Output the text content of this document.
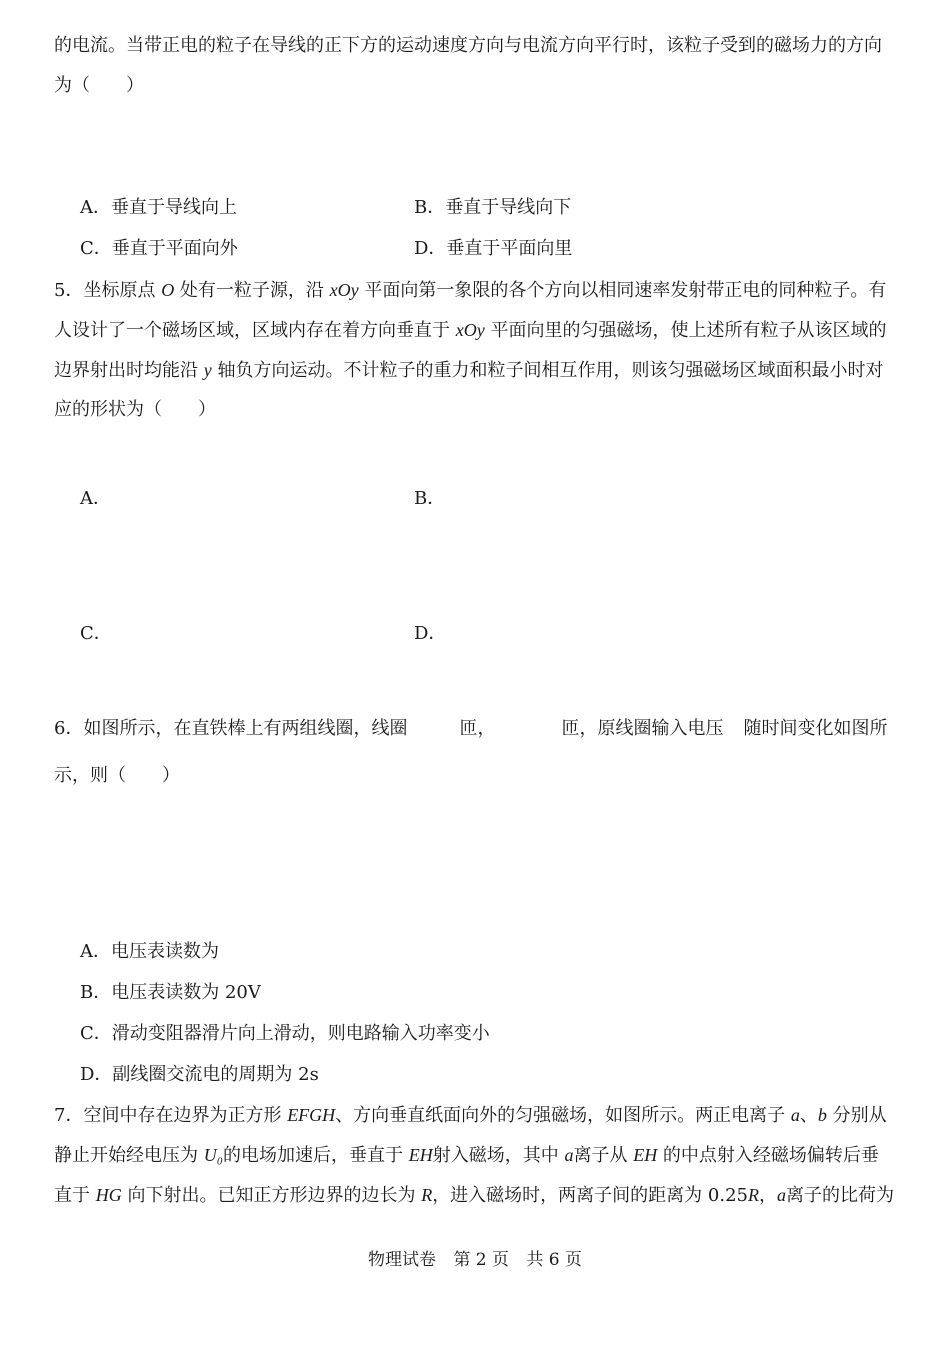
的电流。当带正电的粒子在导线的正下方的运动速度方向与电流方向平行时，该粒子受到的磁场力的方向
为（　　）
A．垂直于导线向上	B．垂直于导线向下
C．垂直于平面向外	D．垂直于平面向里
5．坐标原点 O 处有一粒子源，沿 xOy 平面向第一象限的各个方向以相同速率发射带正电的同种粒子。有
人设计了一个磁场区域，区域内存在着方向垂直于 xOy 平面向里的匀强磁场，使上述所有粒子从该区域的
边界射出时均能沿 y 轴负方向运动。不计粒子的重力和粒子间相互作用，则该匀强磁场区域面积最小时对
应的形状为（　　）
A．	B．
C．	D．
6．如图所示，在直铁棒上有两组线圈，线圈	匝，	匝，原线圈输入电压 随时间变化如图所
示，则（　　）
A．电压表读数为
B．电压表读数为 20V
C．滑动变阻器滑片向上滑动，则电路输入功率变小
D．副线圈交流电的周期为 2s
7．空间中存在边界为正方形 EFGH、方向垂直纸面向外的匀强磁场，如图所示。两正电离子 a、b 分别从
静止开始经电压为 U₀的电场加速后，垂直于 EH射入磁场，其中 a离子从 EH 的中点射入经磁场偏转后垂
直于 HG 向下射出。已知正方形边界的边长为 R，进入磁场时，两离子间的距离为 0.25R，a离子的比荷为
物理试卷 第 2 页 共 6 页
